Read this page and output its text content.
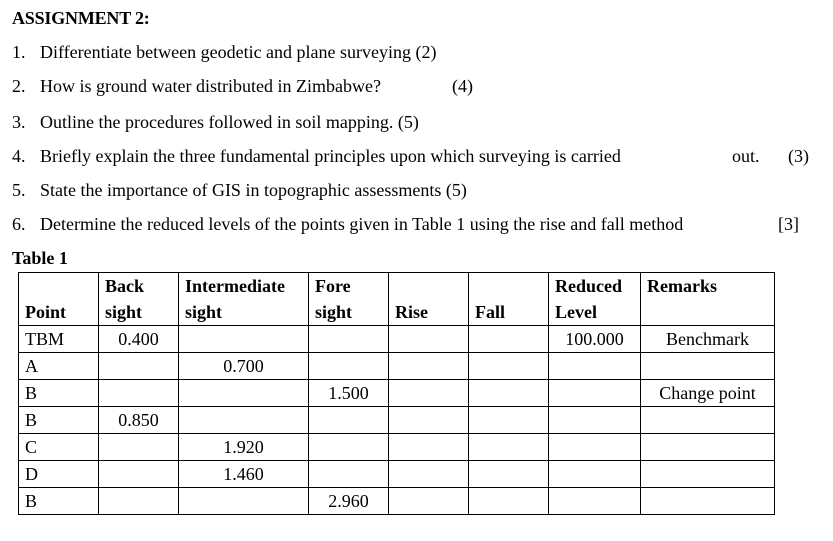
ASSIGNMENT 2:
1. Differentiate between geodetic and plane surveying (2)
2. How is ground water distributed in Zimbabwe?	(4)
3. Outline the procedures followed in soil mapping. (5)
4. Briefly explain the three fundamental principles upon which surveying is carried	out. (3)
5. State the importance of GIS in topographic assessments (5)
6. Determine the reduced levels of the points given in Table 1 using the rise and fall method	[3]
Table 1
	Back	Intermediate	Fore			Reduced	Remarks
Point	sight	sight	sight	Rise	Fall	Level	
TBM	0.400					100.000	Benchmark
A		0.700					
B			1.500				Change point
B	0.850						
C		1.920					
D		1.460					
B			2.960				
